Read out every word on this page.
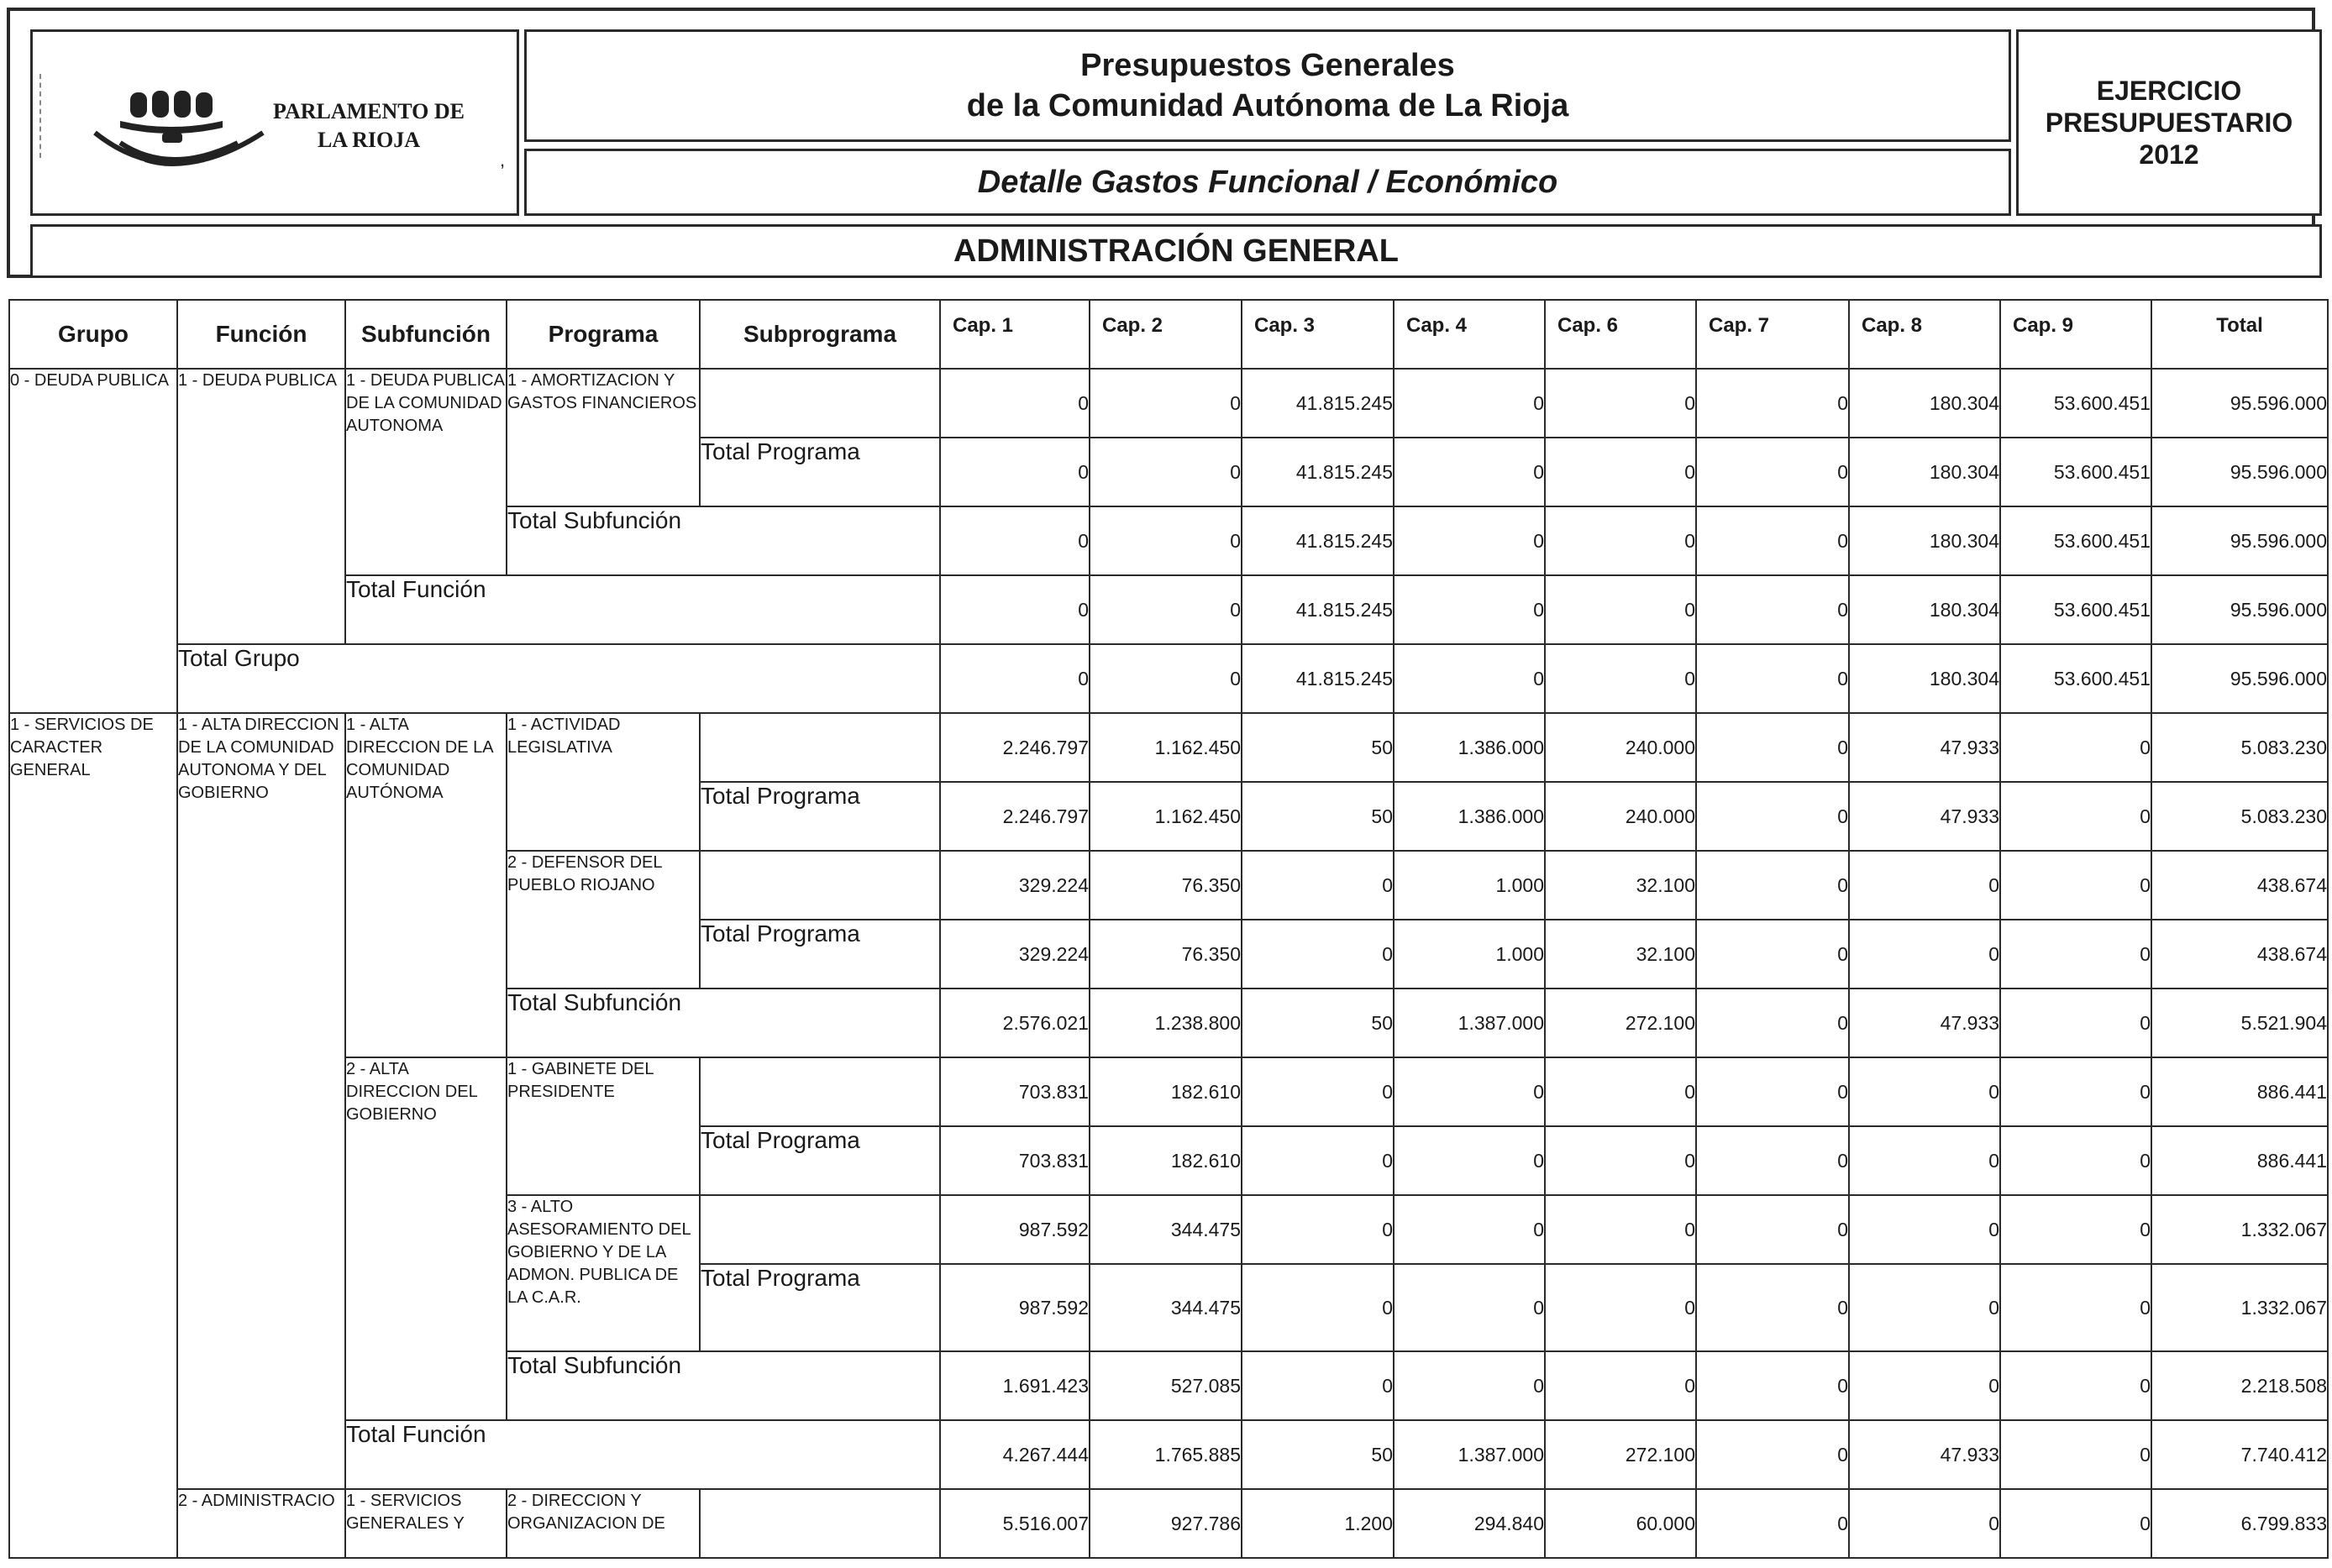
PARLAMENTO DE
LA RIOJA
,
Presupuestos Generales
de la Comunidad Autónoma de La Rioja
Detalle Gastos Funcional / Económico
EJERCICIO
PRESUPUESTARIO
2012
ADMINISTRACIÓN GENERAL
Grupo	Función	Subfunción	Programa	Subprograma	Cap. 1	Cap. 2	Cap. 3	Cap. 4	Cap. 6	Cap. 7	Cap. 8	Cap. 9	Total
0 - DEUDA PUBLICA	1 - DEUDA PUBLICA	1 - DEUDA PUBLICA DE LA COMUNIDAD AUTONOMA	1 - AMORTIZACION Y GASTOS FINANCIEROS		0	0	41.815.245	0	0	0	180.304	53.600.451	95.596.000
				Total Programa	0	0	41.815.245	0	0	0	180.304	53.600.451	95.596.000
			Total Subfunción		0	0	41.815.245	0	0	0	180.304	53.600.451	95.596.000
		Total Función			0	0	41.815.245	0	0	0	180.304	53.600.451	95.596.000
	Total Grupo				0	0	41.815.245	0	0	0	180.304	53.600.451	95.596.000
1 - SERVICIOS DE CARACTER GENERAL	1 - ALTA DIRECCION DE LA COMUNIDAD AUTONOMA Y DEL GOBIERNO	1 - ALTA DIRECCION DE LA COMUNIDAD AUTÓNOMA	1 - ACTIVIDAD LEGISLATIVA		2.246.797	1.162.450	50	1.386.000	240.000	0	47.933	0	5.083.230
				Total Programa	2.246.797	1.162.450	50	1.386.000	240.000	0	47.933	0	5.083.230
			2 - DEFENSOR DEL PUEBLO RIOJANO		329.224	76.350	0	1.000	32.100	0	0	0	438.674
				Total Programa	329.224	76.350	0	1.000	32.100	0	0	0	438.674
			Total Subfunción		2.576.021	1.238.800	50	1.387.000	272.100	0	47.933	0	5.521.904
		2 - ALTA DIRECCION DEL GOBIERNO	1 - GABINETE DEL PRESIDENTE		703.831	182.610	0	0	0	0	0	0	886.441
				Total Programa	703.831	182.610	0	0	0	0	0	0	886.441
			3 - ALTO ASESORAMIENTO DEL GOBIERNO Y DE LA ADMON. PUBLICA DE LA C.A.R.		987.592	344.475	0	0	0	0	0	0	1.332.067
				Total Programa	987.592	344.475	0	0	0	0	0	0	1.332.067
			Total Subfunción		1.691.423	527.085	0	0	0	0	0	0	2.218.508
		Total Función			4.267.444	1.765.885	50	1.387.000	272.100	0	47.933	0	7.740.412
	2 - ADMINISTRACIO	1 - SERVICIOS GENERALES Y	2 - DIRECCION Y ORGANIZACION DE		5.516.007	927.786	1.200	294.840	60.000	0	0	0	6.799.833
